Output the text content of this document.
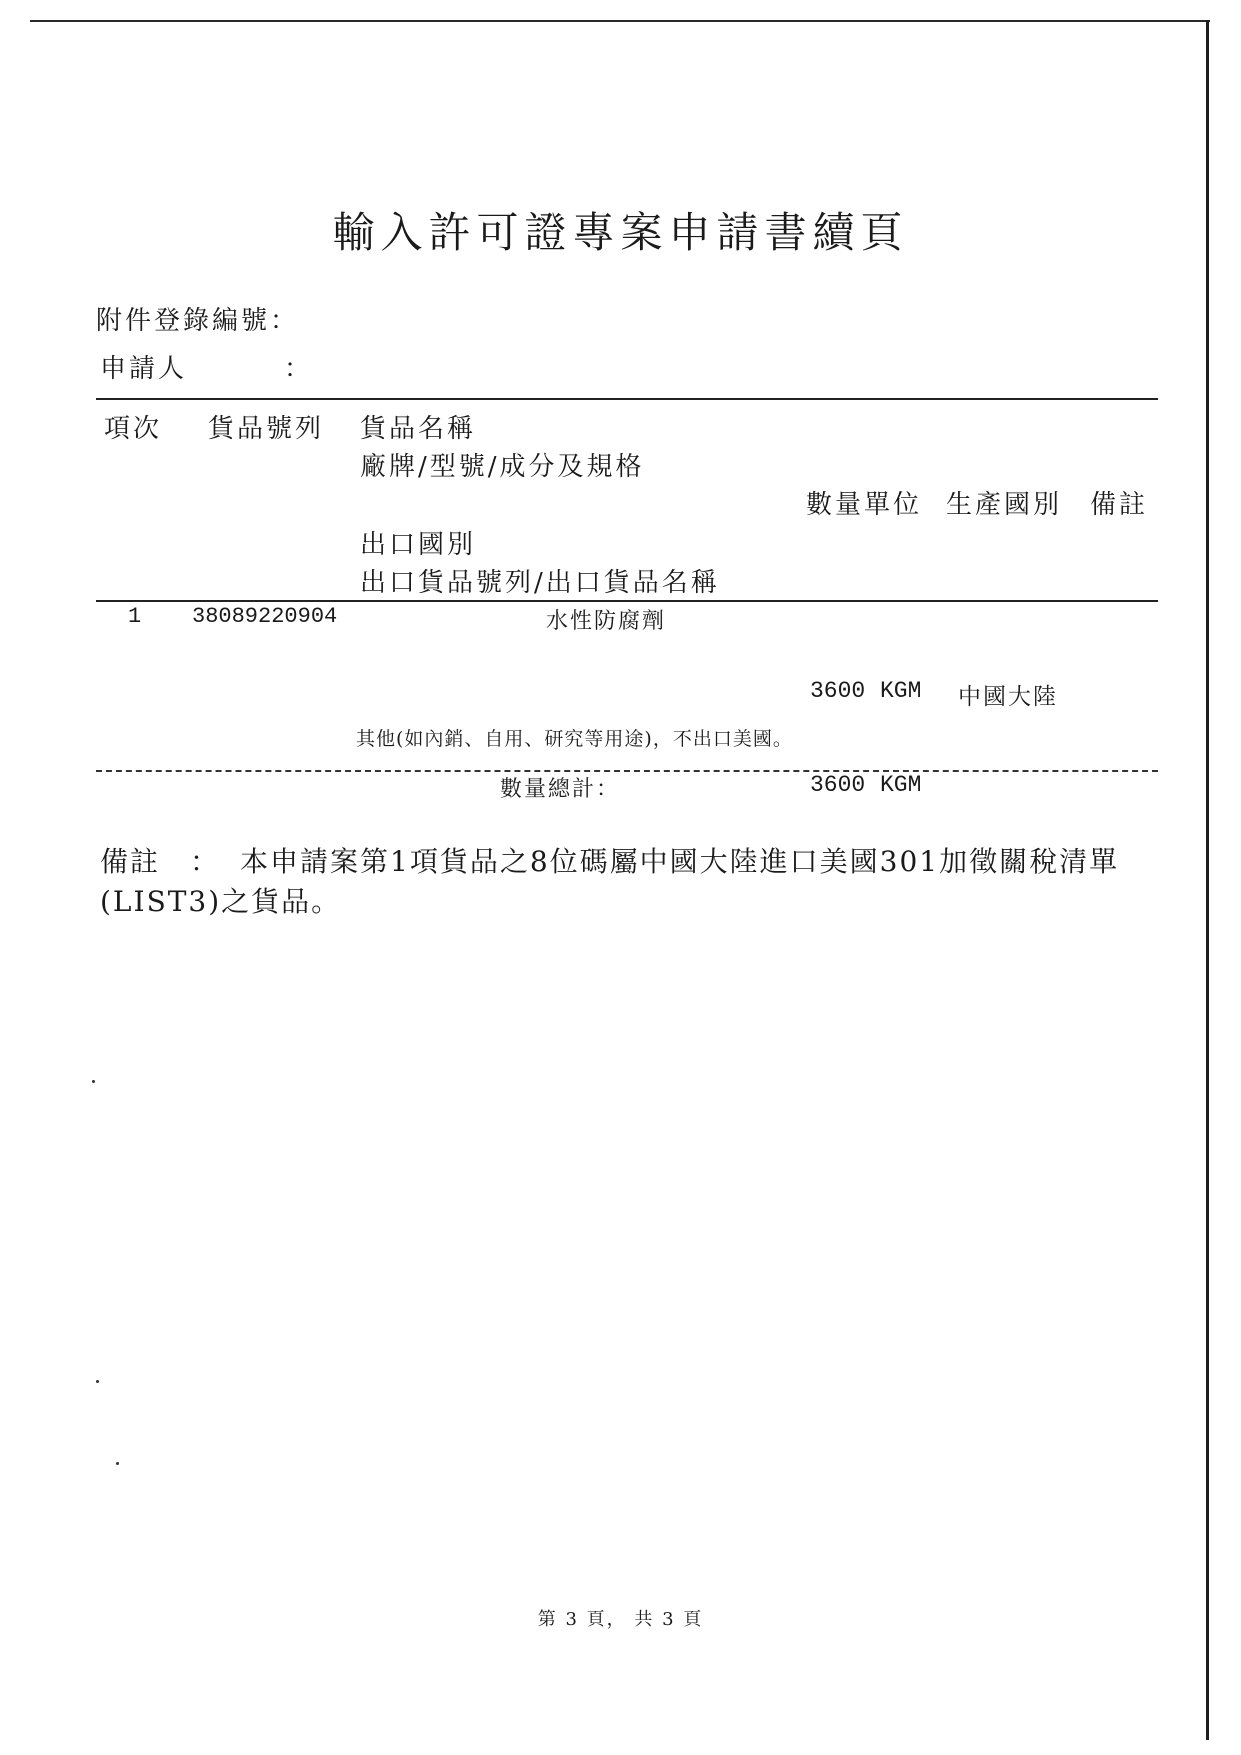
輸入許可證專案申請書續頁
附件登錄編號：
申請人	：
項次 貨品號列 貨品名稱
廠牌/型號/成分及規格
數量單位 生產國別 備註
出口國別
出口貨品號列/出口貨品名稱
1 38089220904	水性防腐劑
3600 KGM 中國大陸
其他(如內銷、自用、研究等用途)，不出口美國。
數量總計：	3600 KGM
備註 ： 本申請案第1項貨品之8位碼屬中國大陸進口美國301加徵關稅清單
(LIST3)之貨品。
第 3 頁， 共 3 頁
